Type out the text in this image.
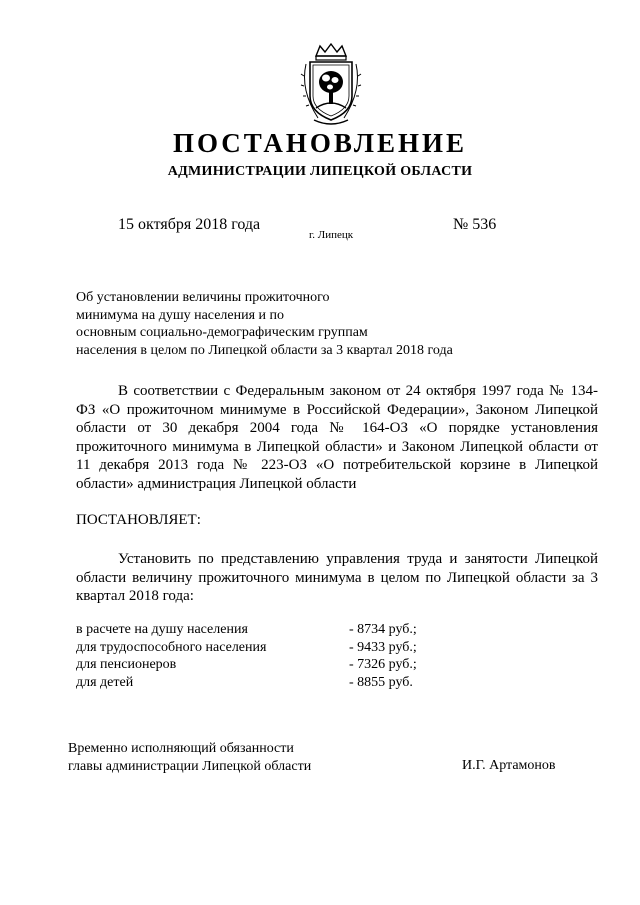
ПОСТАНОВЛЕНИЕ
АДМИНИСТРАЦИИ ЛИПЕЦКОЙ ОБЛАСТИ
15 октября 2018 года
г. Липецк
№ 536
Об установлении величины прожиточного
минимума на душу населения и по
основным социально-демографическим группам
населения в целом по Липецкой области за 3 квартал 2018 года
В соответствии с Федеральным законом от 24 октября 1997 года № 134-
ФЗ «О прожиточном минимуме в Российской Федерации», Законом Липецкой
области от 30 декабря 2004 года № 164-ОЗ «О порядке установления
прожиточного минимума в Липецкой области» и Законом Липецкой области от
11 декабря 2013 года № 223-ОЗ «О потребительской корзине в Липецкой
области» администрация Липецкой области
ПОСТАНОВЛЯЕТ:
Установить по представлению управления труда и занятости Липецкой
области величину прожиточного минимума в целом по Липецкой области за 3
квартал 2018 года:
в расчете на душу населения	- 8734 руб.;
для трудоспособного населения	- 9433 руб.;
для пенсионеров	- 7326 руб.;
для детей	- 8855 руб.
Временно исполняющий обязанности
главы администрации Липецкой области	И.Г. Артамонов
